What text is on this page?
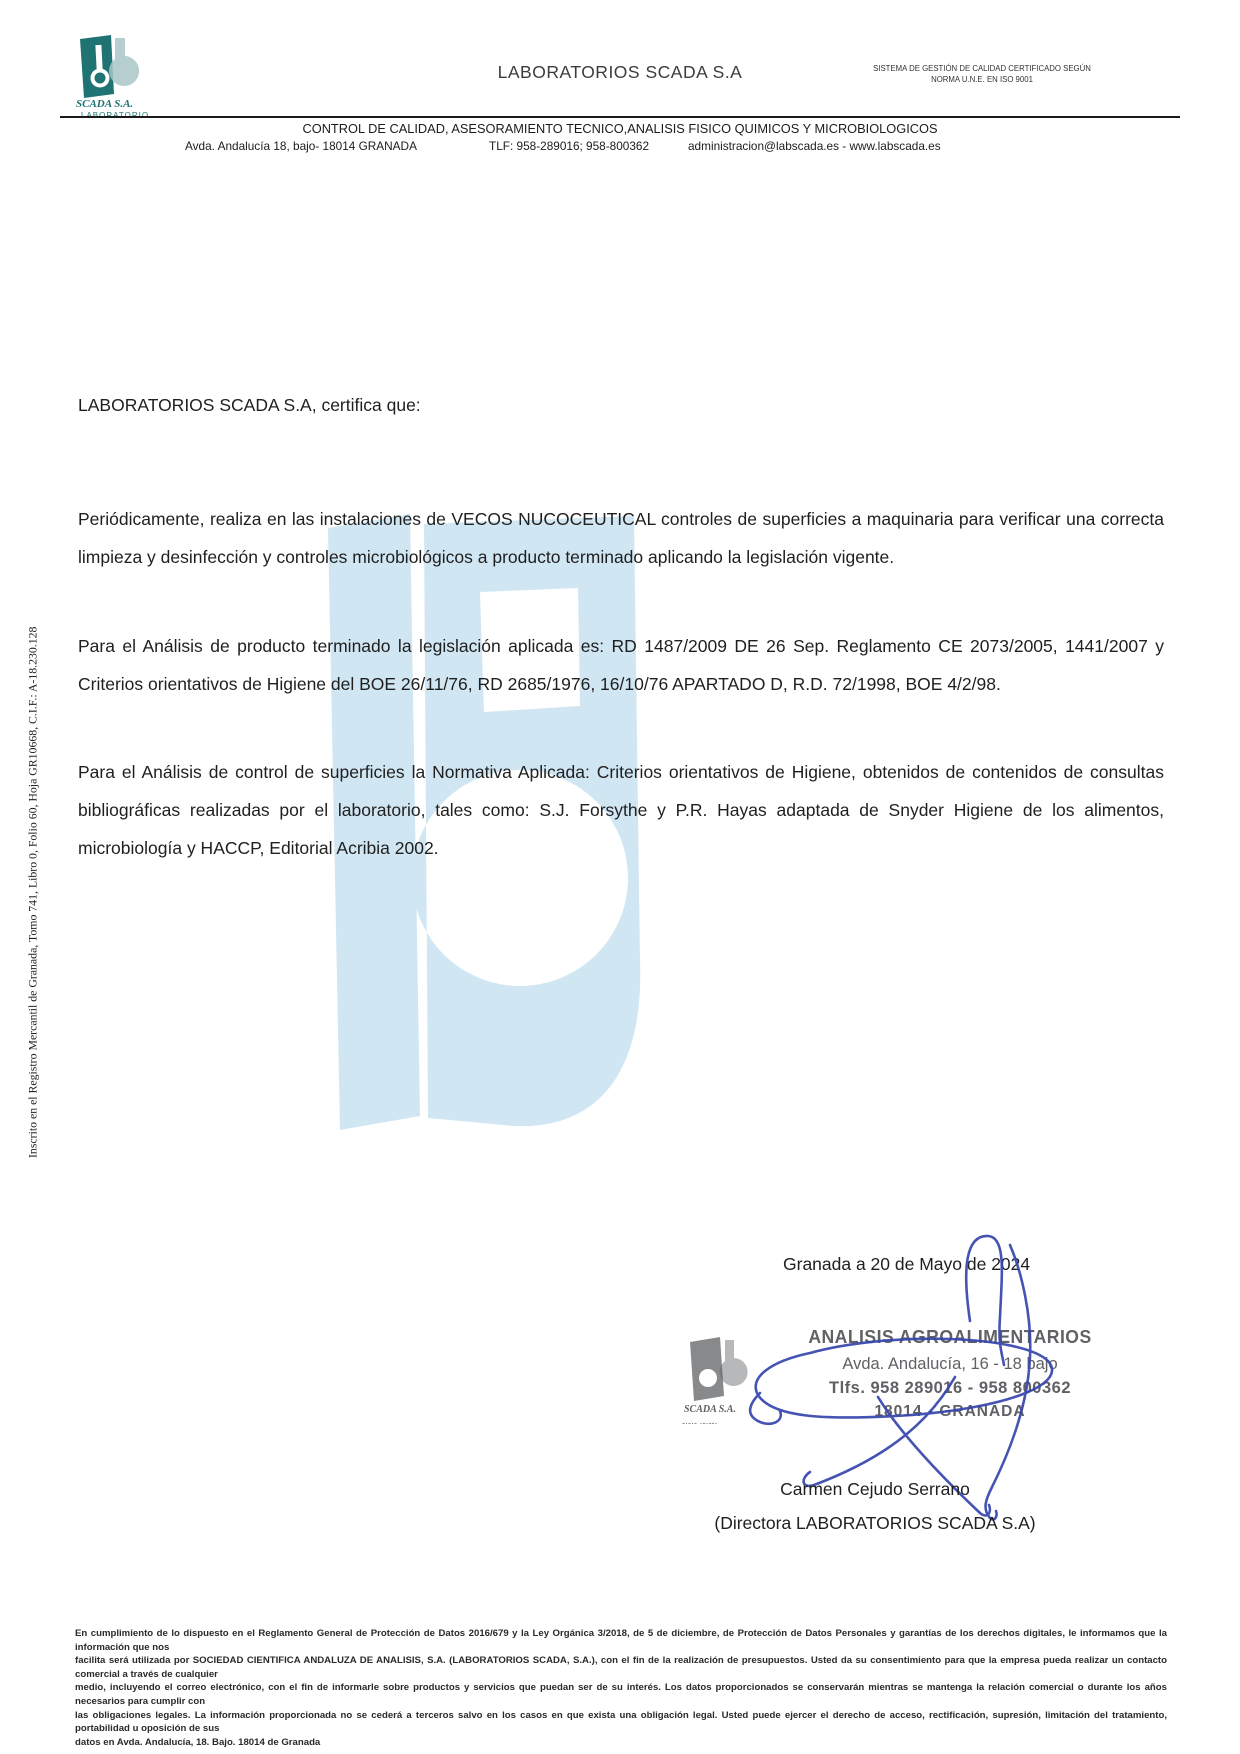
SCADA S.A.
LABORATORIOS SCADA S.A	SISTEMA DE GESTIÓN DE CALIDAD CERTIFICADO SEGÚN
NORMA U.N.E. EN ISO 9001
CONTROL DE CALIDAD, ASESORAMIENTO TECNICO,ANALISIS FISICO QUIMICOS Y MICROBIOLOGICOS
Avda. Andalucía 18, bajo- 18014 GRANADA	TLF: 958-289016; 958-800362	administracion@labscada.es - www.labscada.es
Inscrito en el Registro Mercantil de Granada, Tomo 741, Libro 0, Folio 60, Hoja GR10668, C.I.F.: A-18.230.128
LABORATORIOS SCADA S.A, certifica que:
Periódicamente, realiza en las instalaciones de VECOS NUCOCEUTICAL controles de superficies a maquinaria para verificar una correcta limpieza y desinfección y controles microbiológicos a producto terminado aplicando la legislación vigente.
Para el Análisis de producto terminado la legislación aplicada es: RD 1487/2009 DE 26 Sep. Reglamento CE 2073/2005, 1441/2007 y Criterios orientativos de Higiene del BOE 26/11/76, RD 2685/1976, 16/10/76 APARTADO D, R.D. 72/1998, BOE 4/2/98.
Para el Análisis de control de superficies la Normativa Aplicada: Criterios orientativos de Higiene, obtenidos de contenidos de consultas bibliográficas realizadas por el laboratorio, tales como: S.J. Forsythe y P.R. Hayas adaptada de Snyder Higiene de los alimentos, microbiología y HACCP, Editorial Acribia 2002.
Granada a 20 de Mayo de 2024
SCADA S.A.
-·-·- ·-·--·
ANALISIS AGROALIMENTARIOS
Avda. Andalucía, 16 - 18 bajo
Tlfs. 958 289016 - 958 800362
18014 - GRANADA
Carmen Cejudo Serrano
(Directora LABORATORIOS SCADA S.A)
En cumplimiento de lo dispuesto en el Reglamento General de Protección de Datos 2016/679 y la Ley Orgánica 3/2018, de 5 de diciembre, de Protección de Datos Personales y garantías de los derechos digitales, le informamos que la información que nos
facilita será utilizada por SOCIEDAD CIENTIFICA ANDALUZA DE ANALISIS, S.A. (LABORATORIOS SCADA, S.A.), con el fin de la realización de presupuestos. Usted da su consentimiento para que la empresa pueda realizar un contacto comercial a través de cualquier
medio, incluyendo el correo electrónico, con el fin de informarle sobre productos y servicios que puedan ser de su interés. Los datos proporcionados se conservarán mientras se mantenga la relación comercial o durante los años necesarios para cumplir con
las obligaciones legales. La información proporcionada no se cederá a terceros salvo en los casos en que exista una obligación legal. Usted puede ejercer el derecho de acceso, rectificación, supresión, limitación del tratamiento, portabilidad u oposición de sus
datos en Avda. Andalucía, 18. Bajo. 18014 de Granada
